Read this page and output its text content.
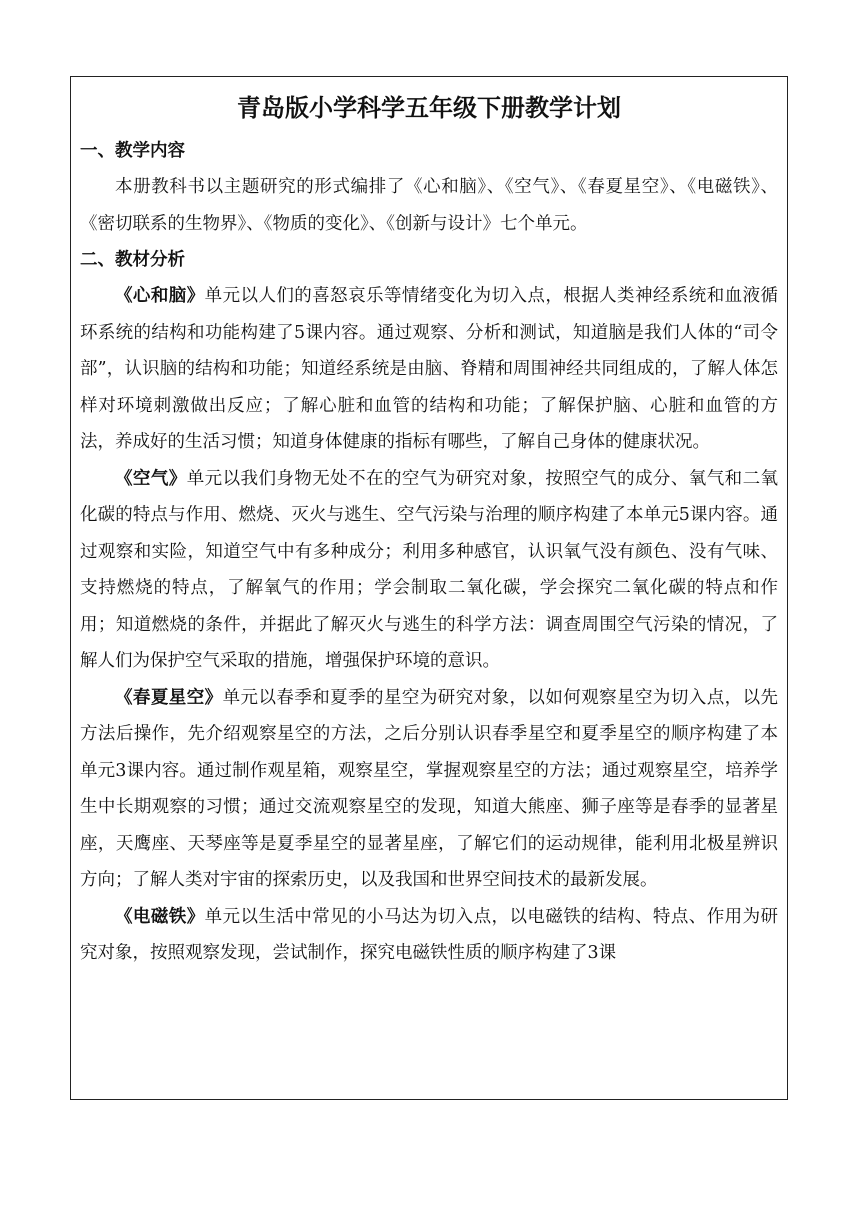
青岛版小学科学五年级下册教学计划
一、教学内容

本册教科书以主题研究的形式编排了《心和脑》、《空气》、《春夏星空》、《电磁铁》、《密切联系的生物界》、《物质的变化》、《创新与设计》七个单元。

二、教材分析

《心和脑》单元以人们的喜怒哀乐等情绪变化为切入点，根据人类神经系统和血液循环系统的结构和功能构建了5课内容。通过观察、分析和测试，知道脑是我们人体的“司令部”，认识脑的结构和功能；知道经系统是由脑、脊精和周围神经共同组成的，了解人体怎样对环境刺激做出反应；了解心脏和血管的结构和功能；了解保护脑、心脏和血管的方法，养成好的生活习惯；知道身体健康的指标有哪些，了解自己身体的健康状况。

《空气》单元以我们身物无处不在的空气为研究对象，按照空气的成分、氧气和二氧化碳的特点与作用、燃烧、灭火与逃生、空气污染与治理的顺序构建了本单元5课内容。通过观察和实险，知道空气中有多种成分；利用多种感官，认识氧气没有颜色、没有气味、支持燃烧的特点，了解氧气的作用；学会制取二氧化碳，学会探究二氧化碳的特点和作用；知道燃烧的条件，并据此了解灭火与逃生的科学方法：调查周围空气污染的情况，了解人们为保护空气采取的措施，增强保护环境的意识。

《春夏星空》单元以春季和夏季的星空为研究对象，以如何观察星空为切入点，以先方法后操作，先介绍观察星空的方法，之后分别认识春季星空和夏季星空的顺序构建了本单元3课内容。通过制作观星箱，观察星空，掌握观察星空的方法；通过观察星空，培养学生中长期观察的习惯；通过交流观察星空的发现，知道大熊座、狮子座等是春季的显著星座，天鹰座、天琴座等是夏季星空的显著星座，了解它们的运动规律，能利用北极星辨识方向；了解人类对宇宙的探索历史，以及我国和世界空间技术的最新发展。

《电磁铁》单元以生活中常见的小马达为切入点，以电磁铁的结构、特点、作用为研究对象，按照观察发现，尝试制作，探究电磁铁性质的顺序构建了3课
